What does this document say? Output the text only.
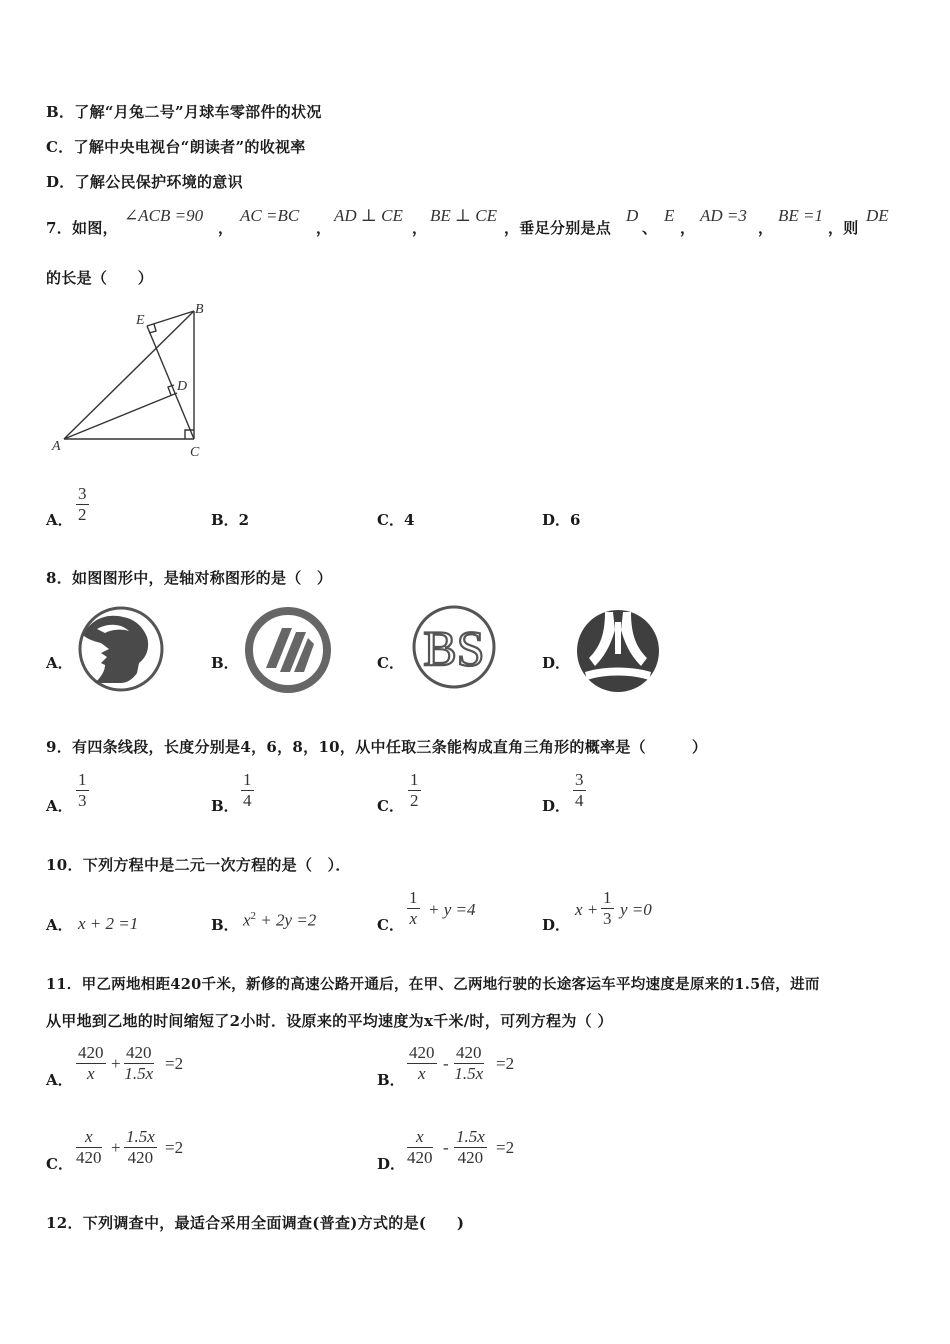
B．了解“月兔二号”月球车零部件的状况
C．了解中央电视台“朗读者”的收视率
D．了解公民保护环境的意识
7．如图，
∠ACB =90
，
AC =BC
，
AD ⊥ CE
，
BE ⊥ CE
，垂足分别是点
D
、
E
，
AD =3
，
BE =1
，则
DE
的长是（　　）
A
B
C
D
E
A． $\frac{3}{2}$	B．2	C．4	D．6
8．如图图形中，是轴对称图形的是（　）
A．	B．	C． BS	D．
9．有四条线段，长度分别是4，6，8，10，从中任取三条能构成直角三角形的概率是（　　　）
A． $\frac{1}{3}$	B． $\frac{1}{4}$	C． $\frac{1}{2}$	D． $\frac{3}{4}$
10．下列方程中是二元一次方程的是（　）．
A． x + 2 =1	B． $x^2 + 2y =2$	C． $\frac{1}{x} + y =4$
D．
$x + \frac{1}{3}$ y =0
11．甲乙两地相距420千米，新修的高速公路开通后，在甲、乙两地行驶的长途客运车平均速度是原来的1.5倍，进而
从甲地到乙地的时间缩短了2小时．设原来的平均速度为x千米/时，可列方程为（ ）
A． $\frac{420}{x} + \frac{420}{1.5x} =2$
B． $\frac{420}{x} - \frac{420}{1.5x} =2$
C． $\frac{x}{420} + \frac{1.5x}{420} =2$
D． $\frac{x}{420} - \frac{1.5x}{420} =2$
12．下列调查中，最适合采用全面调查(普查)方式的是(　　)
